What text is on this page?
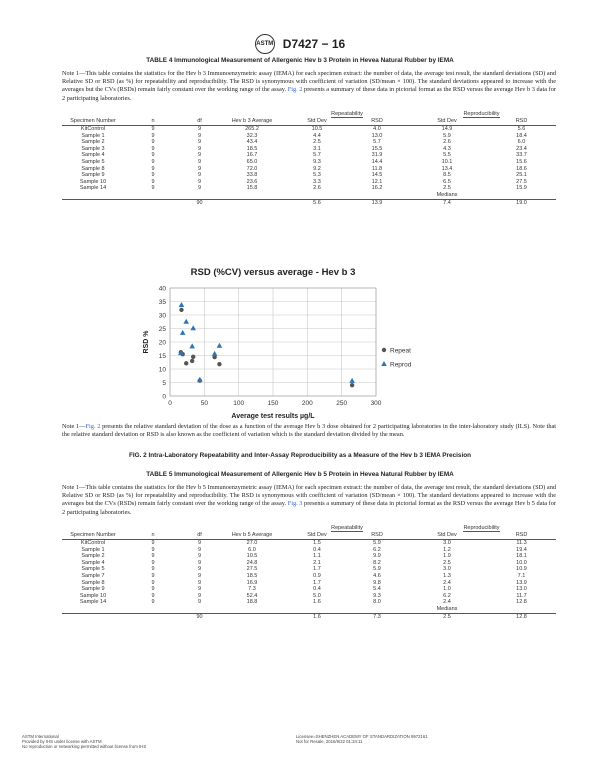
ASTM D7427 − 16
TABLE 4 Immunological Measurement of Allergenic Hev b 3 Protein in Hevea Natural Rubber by IEMA
Note 1—This table contains the statistics for the Hev b 3 Immunoenzymetric assay (IEMA) for each specimen extract: the number of data, the average test result, the standard deviations (SD) and Relative SD or RSD (as %) for repeatability and reproducibility. The RSD is synonymous with coefficient of variation (SD/mean × 100). The standard deviations appeared to increase with the averages but the CVs (RSDs) remain fairly constant over the working range of the assay. Fig. 2 presents a summary of these data in pictorial format as the RSD versus the average Hev b 3 data for 2 participating laboratories.
				Repeatability		Reproducibility	
Specimen Number	n	df	Hev b 3 Average	Std Dev	RSD	Std Dev	RSD
KitControl	9	9	265.2	10.5	4.0	14.9	5.6
Sample 1	9	9	32.3	4.4	13.0	5.9	18.4
Sample 2	9	9	43.4	2.5	5.7	2.6	6.0
Sample 3	9	9	18.5	3.1	15.5	4.3	23.4
Sample 4	9	9	16.7	5.7	31.9	5.5	33.7
Sample 5	9	9	65.0	9.3	14.4	10.1	15.6
Sample 8	9	9	72.0	9.2	11.8	13.4	18.6
Sample 9	9	9	33.8	5.3	14.5	8.5	25.1
Sample 10	9	9	23.6	3.3	12.1	6.5	27.5
Sample 14	9	9	15.8	2.6	16.2	2.5	15.9
						Medians	
		90		5.6	13.9	7.4	19.0
RSD (%CV) versus average - Hev b 3
0
5
10
15
20
25
30
35
40
0	50	100	150	200	250	300
Average test results µg/L
RSD %	Repeat
Reprod
Note 1—Fig. 2 presents the relative standard deviation of the dose as a function of the average Hev b 3 dose obtained for 2 participating laboratories in the inter-laboratory study (ILS). Note that the relative standard deviation or RSD is also known as the coefficient of variation which is the standard deviation divided by the mean.
FIG. 2 Intra-Laboratory Repeatability and Inter-Assay Reproducibility as a Measure of the Hev b 3 IEMA Precision
TABLE 5 Immunological Measurement of Allergenic Hev b 5 Protein in Hevea Natural Rubber by IEMA
Note 1—This table contains the statistics for the Hev b 5 Immunoenzymetric assay (IEMA) for each specimen extract: the number of data, the average test result, the standard deviations (SD) and Relative SD or RSD (as %) for repeatability and reproducibility. The RSD is synonymous with coefficient of variation (SD/mean × 100). The standard deviations appeared to increase with the averages but the CVs (RSDs) remain fairly constant over the working range of the assay. Fig. 3 presents a summary of these data in pictorial format as the RSD versus the average Hev b 5 data for 2 participating laboratories.
				Repeatability		Reproducibility	
Specimen Number	n	df	Hev b 5 Average	Std Dev	RSD	Std Dev	RSD
KitControl	9	9	27.0	1.5	5.9	3.0	11.3
Sample 1	9	9	6.0	0.4	6.2	1.2	19.4
Sample 2	9	9	10.5	1.1	9.9	1.9	18.1
Sample 4	9	9	24.8	2.1	8.2	2.5	10.0
Sample 5	9	9	27.5	1.7	5.9	3.0	10.9
Sample 7	9	9	18.5	0.9	4.6	1.3	7.1
Sample 8	9	9	16.9	1.7	9.8	2.4	13.9
Sample 9	9	9	7.3	0.4	5.4	1.0	13.0
Sample 10	9	9	52.4	5.0	9.3	6.2	11.7
Sample 14	9	9	18.8	1.6	8.0	2.4	12.8
						Medians	
		90		1.6	7.3	2.5	12.8
ASTM International
Provided by IHS under license with ASTM
No reproduction or networking permitted without license from IHS
Licensee=SHENZHEN ACADEMY OF STANDARDIZATION 9972161
Not for Resale, 2016/9/22 01:34:11
